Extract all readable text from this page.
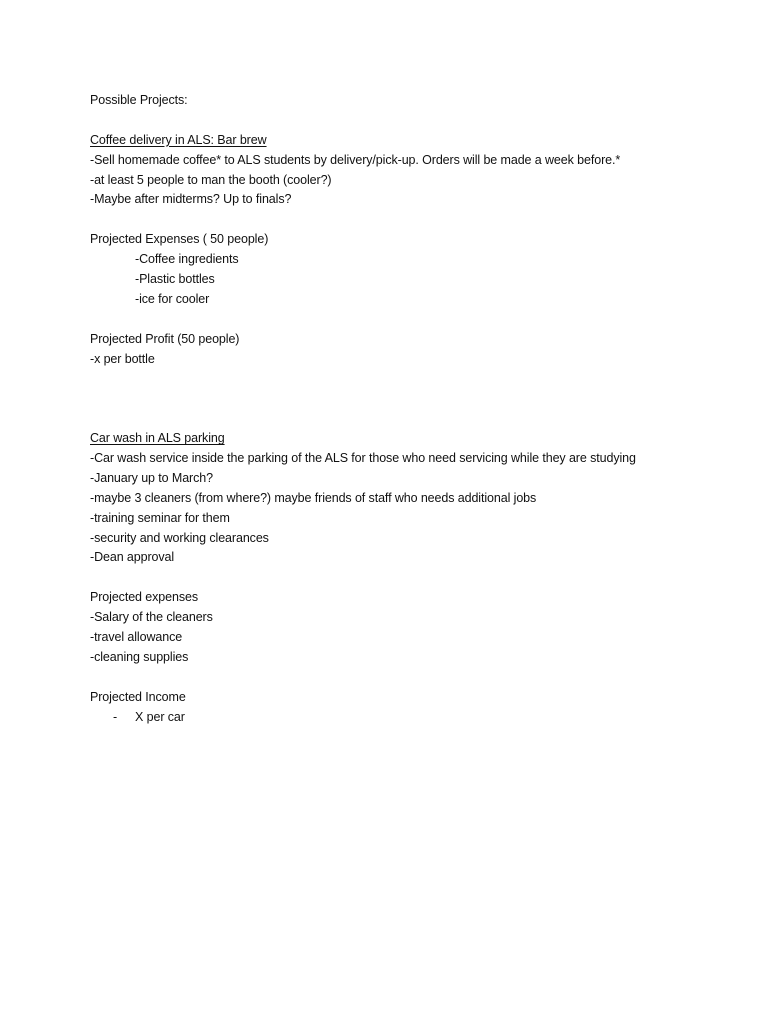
Possible Projects:
Coffee delivery in ALS: Bar brew
-Sell homemade coffee* to ALS students by delivery/pick-up. Orders will be made a week before.*
-at least 5 people to man the booth (cooler?)
-Maybe after midterms? Up to finals?
Projected Expenses ( 50 people)
-Coffee ingredients
-Plastic bottles
-ice for cooler
Projected Profit (50 people)
-x per bottle
Car wash in ALS parking
-Car wash service inside the parking of the ALS for those who need servicing while they are studying
-January up to March?
-maybe 3 cleaners (from where?) maybe friends of staff who needs additional jobs
-training seminar for them
-security and working clearances
-Dean approval
Projected expenses
-Salary of the cleaners
-travel allowance
-cleaning supplies
Projected Income
-	X per car
